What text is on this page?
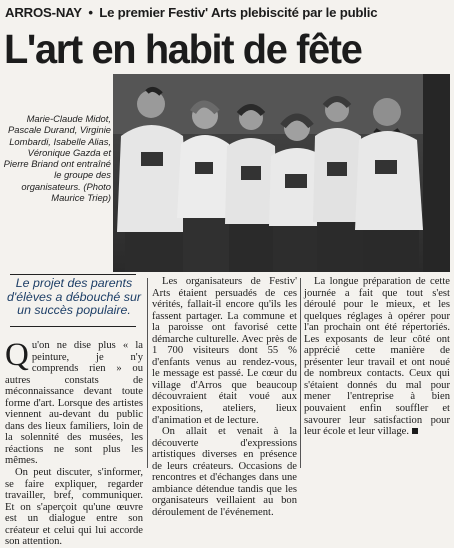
ARROS-NAY • Le premier Festiv' Arts plebiscité par le public
L'art en habit de fête
Marie-Claude Midot, Pascale Durand, Virginie Lombardi, Isabelle Alias, Véronique Gazda et Pierre Briand ont entraîné le groupe des organisateurs. (Photo Maurice Triep)
Le projet des parents d'élèves a débouché sur un succès populaire.

Qu'on ne dise plus « la peinture, je n'y comprends rien » ou autres constats de méconnaissance devant toute forme d'art. Lorsque des artistes viennent au-devant du public dans des lieux familiers, loin de la solennité des musées, les réactions ne sont plus les mêmes.

On peut discuter, s'informer, se faire expliquer, regarder travailler, bref, communiquer. Et on s'aperçoit qu'une œuvre est un dialogue entre son créateur et celui qui lui accorde son attention.

Les organisateurs de Festiv' Arts étaient persuadés de ces vérités, fallait-il encore qu'ils les fassent partager. La commune et la paroisse ont favorisé cette démarche culturelle. Avec près de 1 700 visiteurs dont 55 % d'enfants venus au rendez-vous, le message est passé. Le cœur du village d'Arros que beaucoup découvraient était voué aux expositions, ateliers, lieux d'animation et de lecture.

On allait et venait à la découverte d'expressions artistiques diverses en présence de leurs créateurs. Occasions de rencontres et d'échanges dans une ambiance détendue tandis que les organisateurs veillaient au bon déroulement de l'événement.

La longue préparation de cette journée a fait que tout s'est déroulé pour le mieux, et les quelques réglages à opérer pour l'an prochain ont été répertoriés. Les exposants de leur côté ont apprécié cette manière de présenter leur travail et ont noué de nombreux contacts. Ceux qui s'étaient donnés du mal pour mener l'entreprise à bien pouvaient enfin souffler et savourer leur satisfaction pour leur école et leur village.
